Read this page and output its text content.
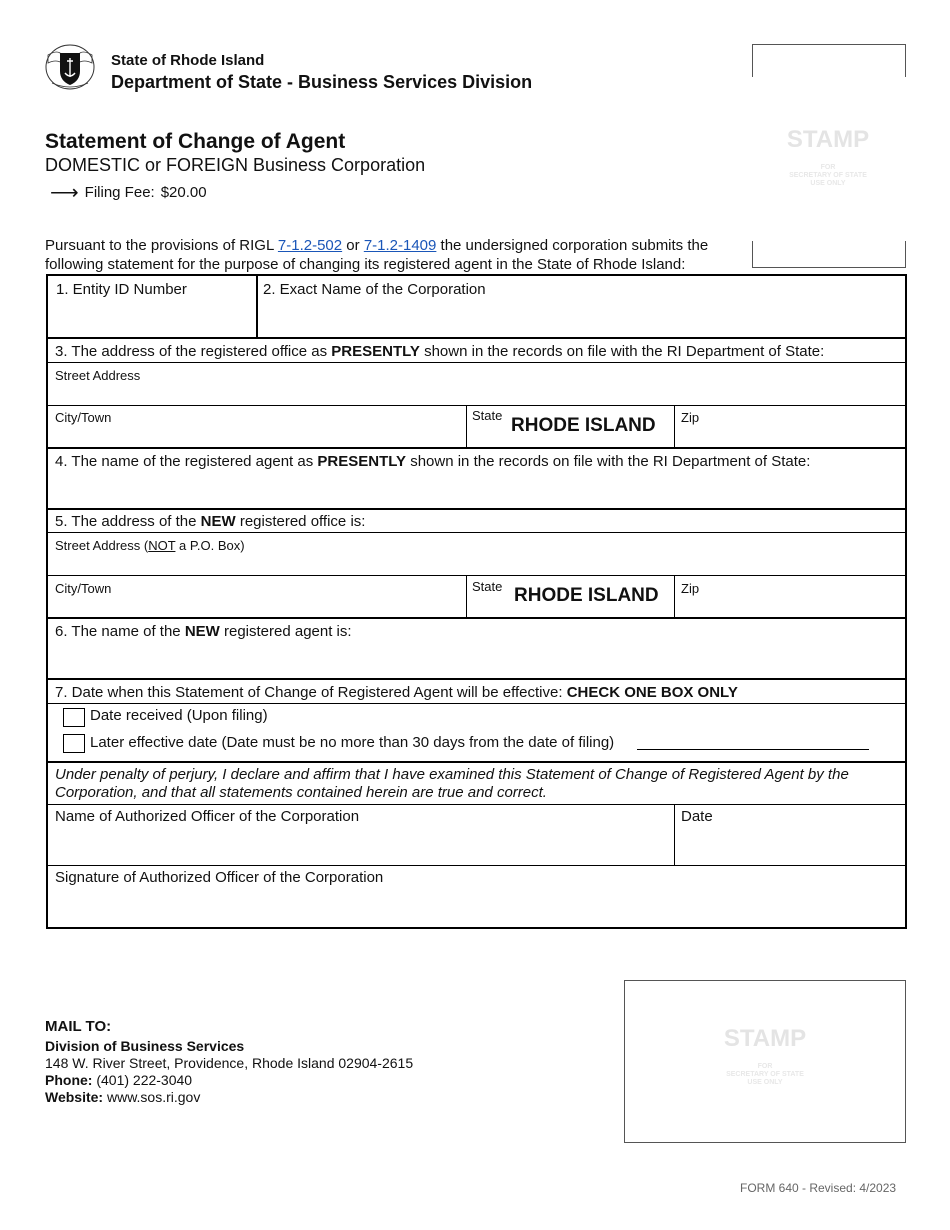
State of Rhode Island
Department of State - Business Services Division
Statement of Change of Agent
DOMESTIC or FOREIGN Business Corporation
⟶ Filing Fee: $20.00
STAMP
FOR
SECRETARY OF STATE
USE ONLY
Pursuant to the provisions of RIGL 7-1.2-502 or 7-1.2-1409 the undersigned corporation submits the following statement for the purpose of changing its registered agent in the State of Rhode Island:
1. Entity ID Number	2. Exact Name of the Corporation
3. The address of the registered office as PRESENTLY shown in the records on file with the RI Department of State:
Street Address
City/Town	State RHODE ISLAND Zip
4. The name of the registered agent as PRESENTLY shown in the records on file with the RI Department of State:
5. The address of the NEW registered office is:
Street Address (NOT a P.O. Box)
City/Town	State RHODE ISLAND Zip
6. The name of the NEW registered agent is:
7. Date when this Statement of Change of Registered Agent will be effective: CHECK ONE BOX ONLY
Date received (Upon filing)
Later effective date (Date must be no more than 30 days from the date of filing)
Under penalty of perjury, I declare and affirm that I have examined this Statement of Change of Registered Agent by the Corporation, and that all statements contained herein are true and correct.
Name of Authorized Officer of the Corporation	Date
Signature of Authorized Officer of the Corporation
MAIL TO:
Division of Business Services
148 W. River Street, Providence, Rhode Island 02904-2615
Phone: (401) 222-3040
Website: www.sos.ri.gov
STAMP
FOR
SECRETARY OF STATE
USE ONLY
FORM 640 - Revised: 4/2023
